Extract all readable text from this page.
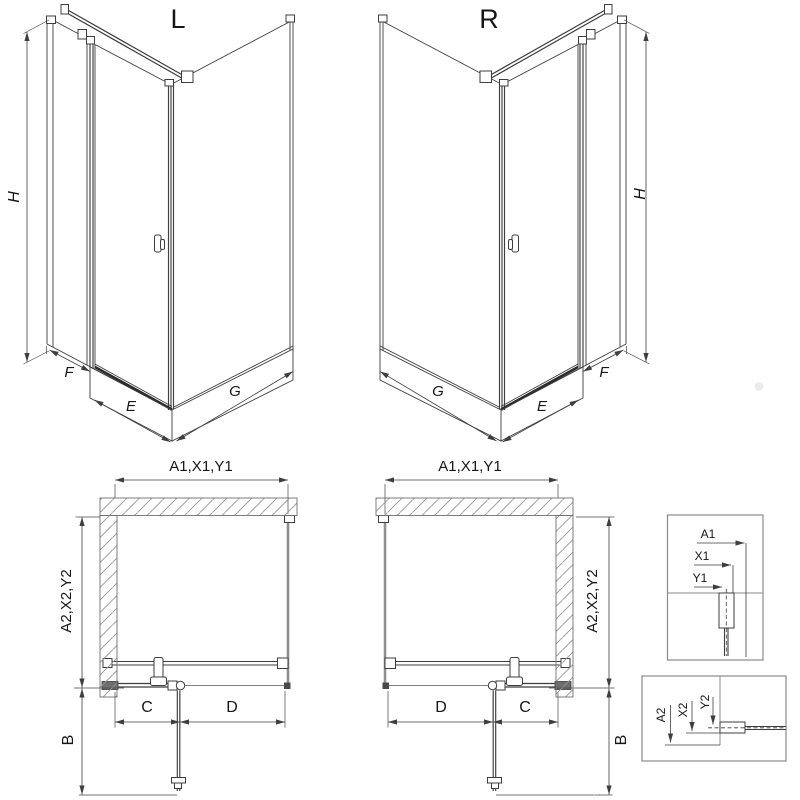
L	R
H	H
F
E
G	G
E
F
A1,X1,Y1	A1,X1,Y1
A2,X2,Y2	A2,X2,Y2
B	B
C	D	D	C
A1
X1
Y1
A2 X2
Y2
